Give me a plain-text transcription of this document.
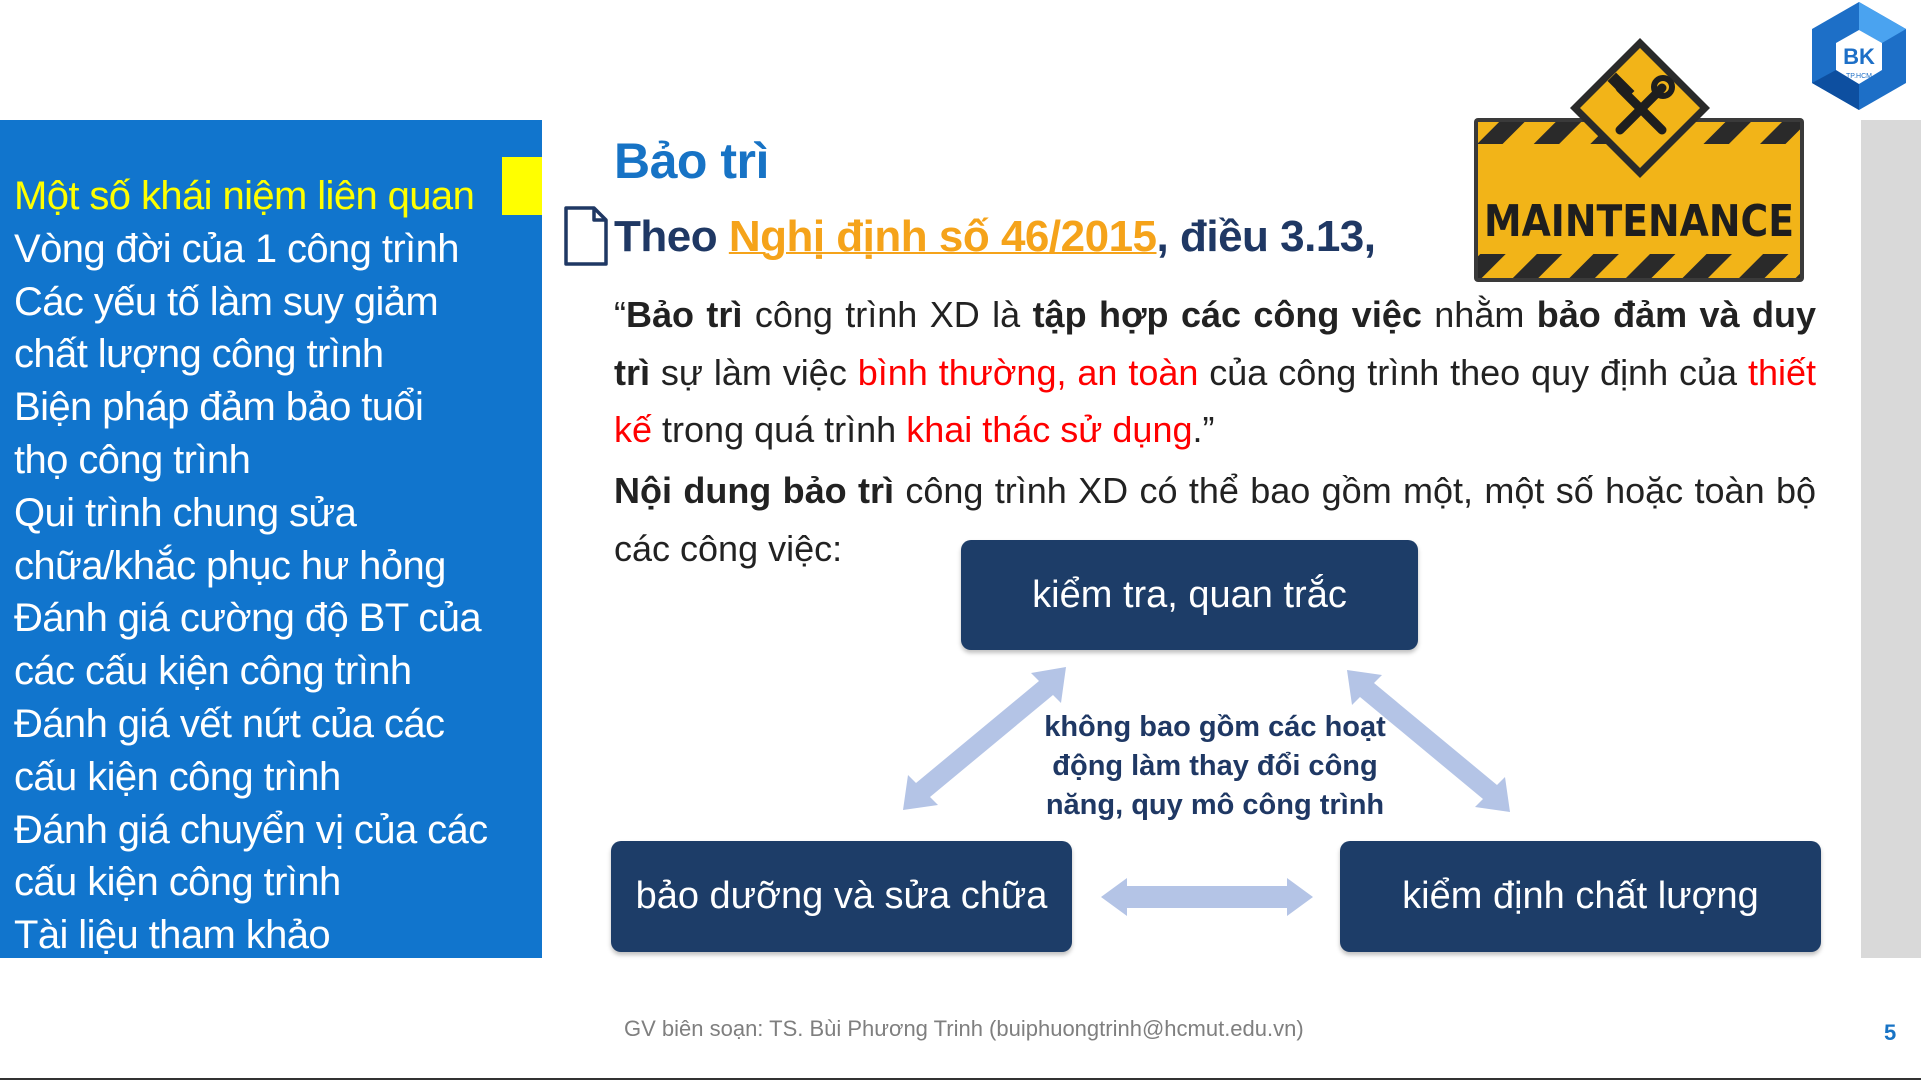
BK
TP.HCM
Một số khái niệm liên quan
Vòng đời của 1 công trình
Các yếu tố làm suy giảm
chất lượng công trình
Biện pháp đảm bảo tuổi
thọ công trình
Qui trình chung sửa
chữa/khắc phục hư hỏng
Đánh giá cường độ BT của
các cấu kiện công trình
Đánh giá vết nứt của các
cấu kiện công trình
Đánh giá chuyển vị của các
cấu kiện công trình
Tài liệu tham khảo
Bảo trì
Theo Nghị định số 46/2015, điều 3.13, MAINTENANCE
“Bảo trì công trình XD là tập hợp các công việc nhằm bảo đảm và duy trì sự làm việc bình thường, an toàn của công trình theo quy định của thiết kế trong quá trình khai thác sử dụng.”
Nội dung bảo trì công trình XD có thể bao gồm một, một số hoặc toàn bộ các công việc:
kiểm tra, quan trắc
bảo dưỡng và sửa chữa	kiểm định chất lượng
không bao gồm các hoạt động làm thay đổi công năng, quy mô công trình
GV biên soạn: TS. Bùi Phương Trinh (buiphuongtrinh@hcmut.edu.vn)	5
